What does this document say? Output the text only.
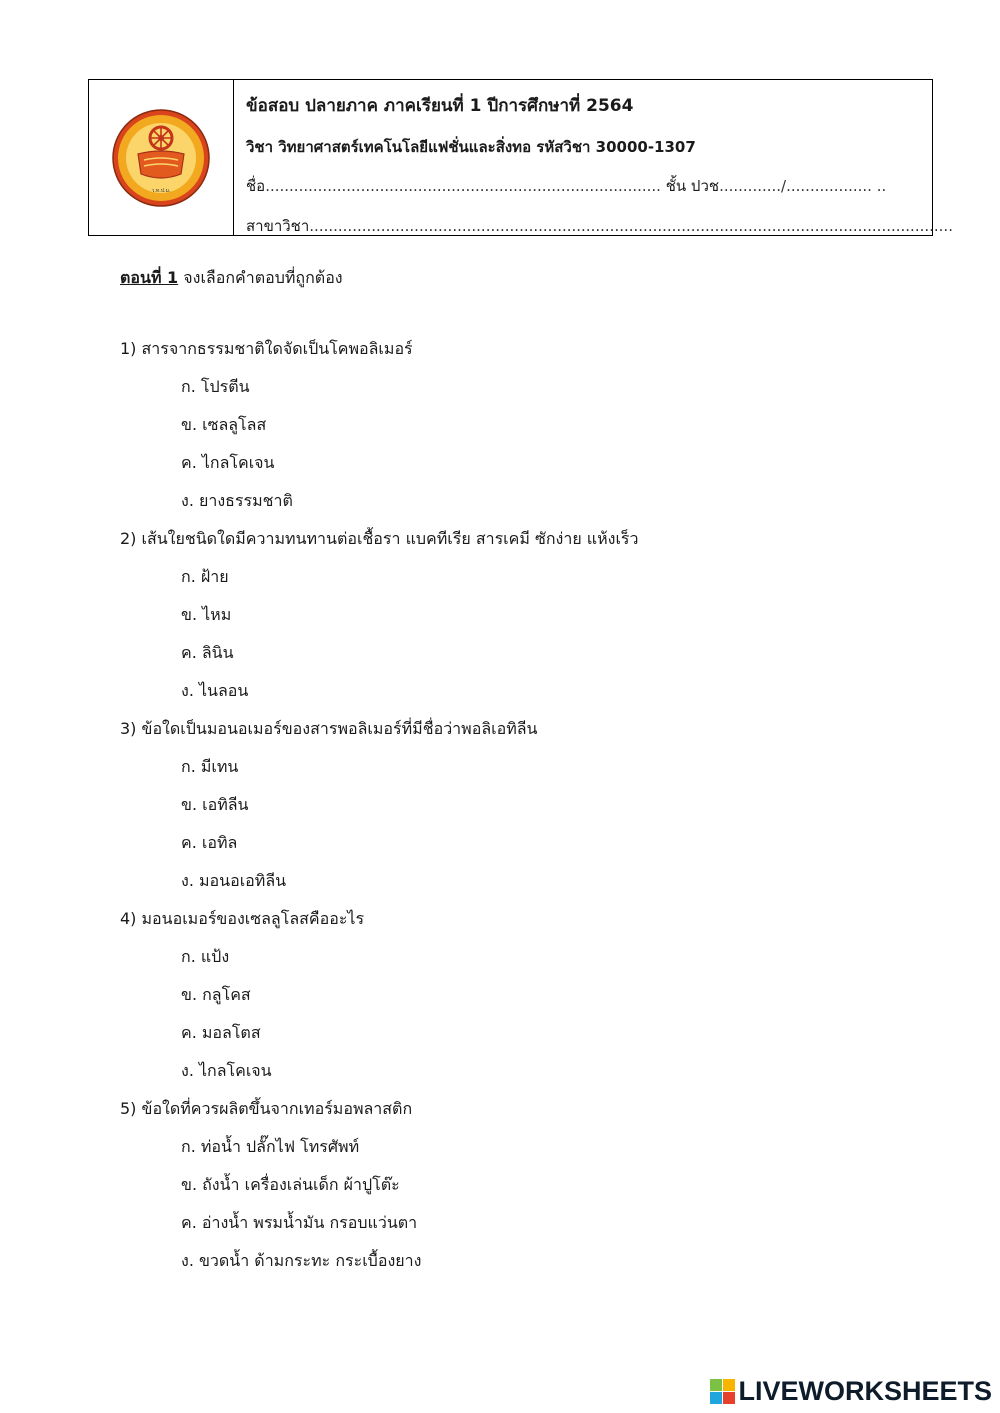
ว.ท.ป.ม.
ข้อสอบ ปลายภาค ภาคเรียนที่ 1 ปีการศึกษาที่ 2564
วิชา วิทยาศาสตร์เทคโนโลยีแฟชั่นและสิ่งทอ รหัสวิชา 30000-1307
ชื่อ................................................................................... ชั้น ปวช............./.................. ..
สาขาวิชา.......................................................................................................................................
ตอนที่ 1 จงเลือกคำตอบที่ถูกต้อง
1) สารจากธรรมชาติใดจัดเป็นโคพอลิเมอร์
ก. โปรตีน
ข. เซลลูโลส
ค. ไกลโคเจน
ง. ยางธรรมชาติ
2) เส้นใยชนิดใดมีความทนทานต่อเชื้อรา แบคทีเรีย สารเคมี ซักง่าย แห้งเร็ว
ก. ฝ้าย
ข. ไหม
ค. ลินิน
ง. ไนลอน
3) ข้อใดเป็นมอนอเมอร์ของสารพอลิเมอร์ที่มีชื่อว่าพอลิเอทิลีน
ก. มีเทน
ข. เอทิลีน
ค. เอทิล
ง. มอนอเอทิลีน
4) มอนอเมอร์ของเซลลูโลสคืออะไร
ก. แป้ง
ข. กลูโคส
ค. มอลโตส
ง. ไกลโคเจน
5) ข้อใดที่ควรผลิตขึ้นจากเทอร์มอพลาสติก
ก. ท่อน้ำ ปลั๊กไฟ โทรศัพท์
ข. ถังน้ำ เครื่องเล่นเด็ก ผ้าปูโต๊ะ
ค. อ่างน้ำ พรมน้ำมัน กรอบแว่นตา
ง. ขวดน้ำ ด้ามกระทะ กระเบื้องยาง
LIVEWORKSHEETS
